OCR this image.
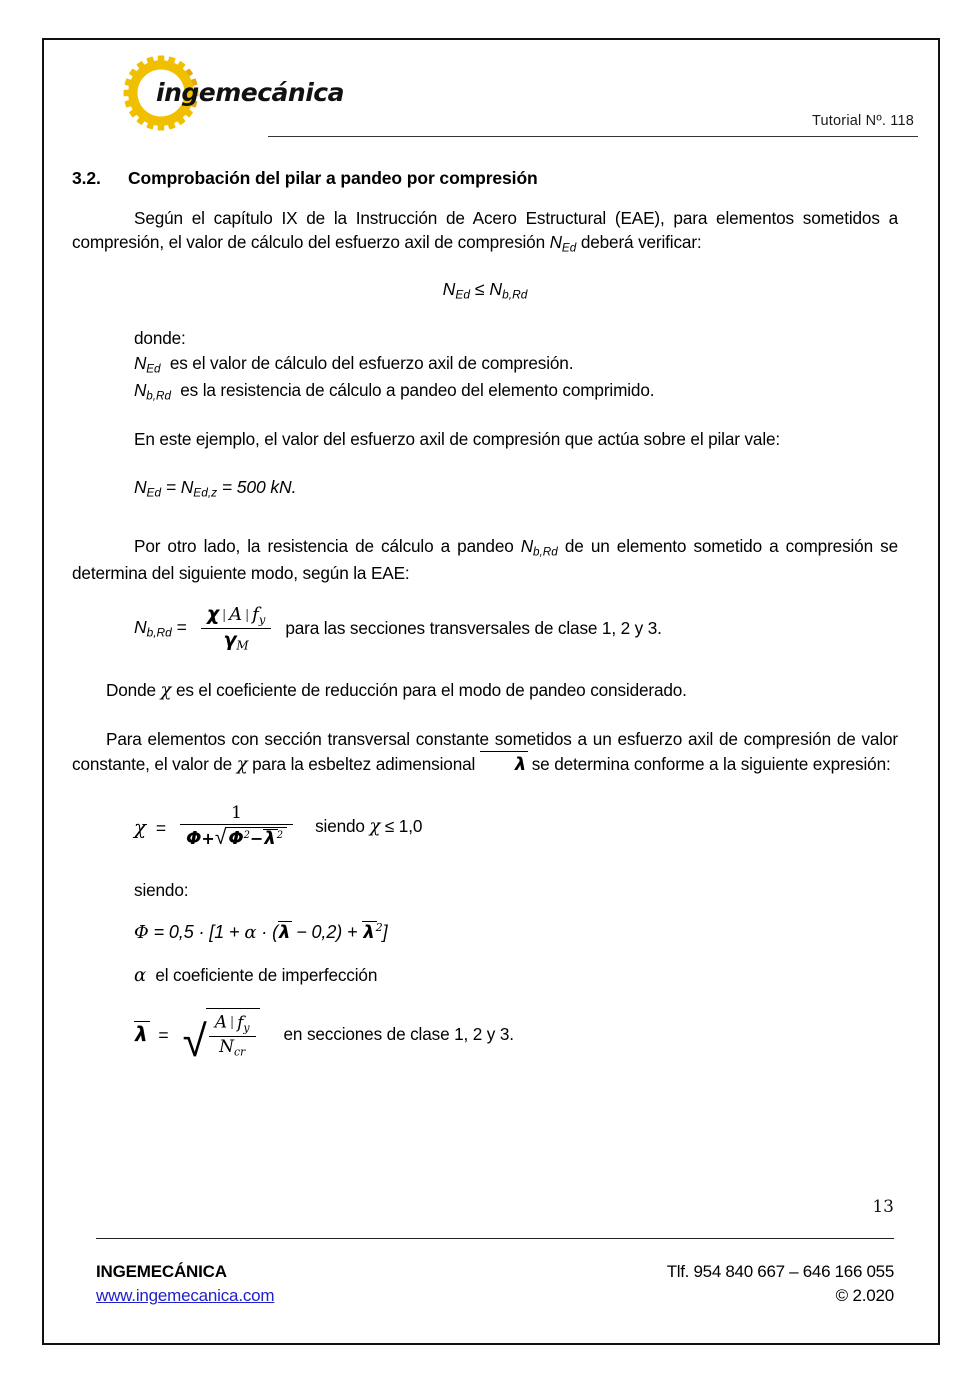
ingemecánica
Tutorial Nº. 118
3.2.	Comprobación del pilar a pandeo por compresión

Según el capítulo IX de la Instrucción de Acero Estructural (EAE), para elementos sometidos a compresión, el valor de cálculo del esfuerzo axil de compresión $N_{Ed}$ deberá verificar:

$N_{Ed} \le N_{b,Rd}$
donde:
$N_{Ed}$ es el valor de cálculo del esfuerzo axil de compresión.
$N_{b,Rd}$ es la resistencia de cálculo a pandeo del elemento comprimido.

En este ejemplo, el valor del esfuerzo axil de compresión que actúa sobre el pilar vale:

$N_{Ed} = N_{Ed,z} = 500$ kN.

Por otro lado, la resistencia de cálculo a pandeo $N_{b,Rd}$ de un elemento sometido a compresión se determina del siguiente modo, según la EAE:

$N_{b,Rd} = \frac{\chi | A | fy}{\gamma_M}$ para las secciones transversales de clase 1, 2 y 3.

Donde χ es el coeficiente de reducción para el modo de pandeo considerado.

Para elementos con sección transversal constante sometidos a un esfuerzo axil de compresión de valor constante, el valor de χ para la esbeltez adimensional λ se determina conforme a la siguiente expresión:

$\chi = \frac{1}{\Phi+ √ \Phi^2-\lambda^2}$ siendo χ ≤ 1,0
siendo:
$\Phi = 0,5 \cdot [1 + \alpha \cdot (\lambda - 0,2) + \lambda^2]$
α el coeficiente de imperfección
λ = √ $\frac{A | fy}{\text{Ncr}}$ en secciones de clase 1, 2 y 3.
13
INGEMECÁNICA
www.ingemecanica.com
Tlf. 954 840 667 – 646 166 055
© 2.020
